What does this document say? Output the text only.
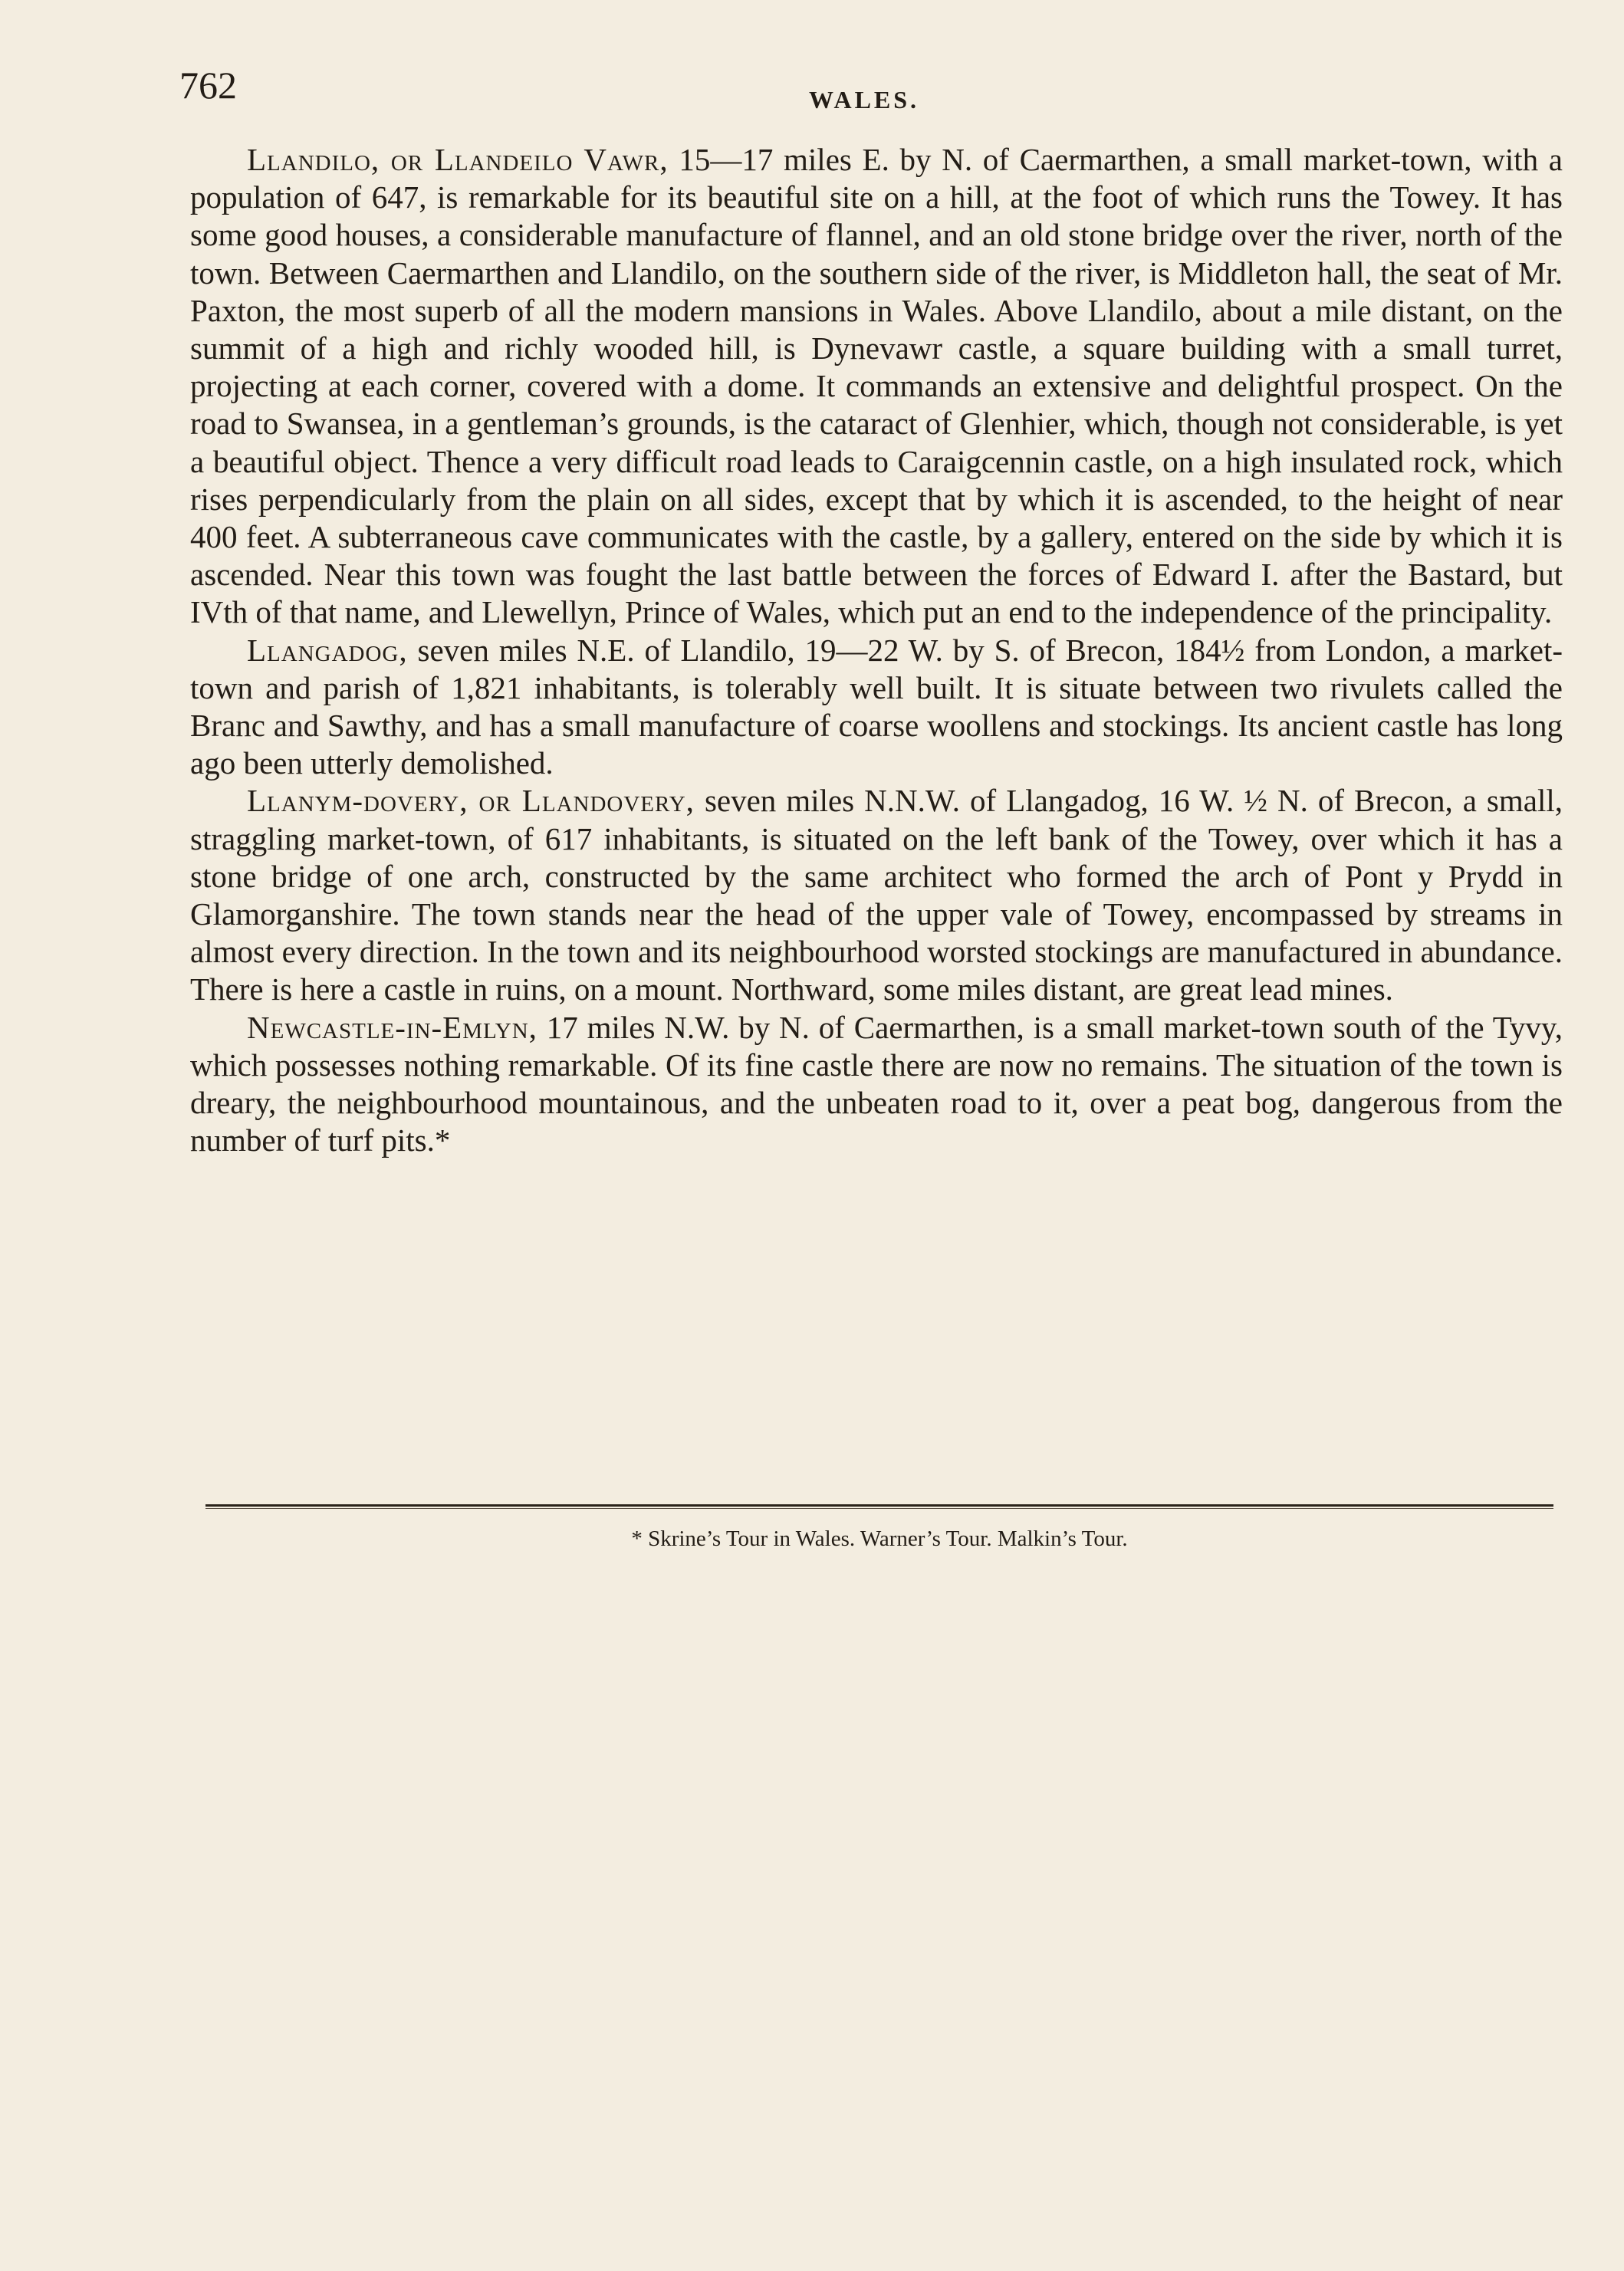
762	WALES.

Llandilo, or Llandeilo Vawr, 15—17 miles E. by N. of Caermarthen, a small market-town, with a population of 647, is remarkable for its beautiful site on a hill, at the foot of which runs the Towey. It has some good houses, a considerable manufacture of flannel, and an old stone bridge over the river, north of the town. Between Caermarthen and Llandilo, on the southern side of the river, is Middleton hall, the seat of Mr. Paxton, the most superb of all the modern mansions in Wales. Above Llandilo, about a mile distant, on the summit of a high and richly wooded hill, is Dynevawr castle, a square building with a small turret, projecting at each corner, covered with a dome. It commands an extensive and delightful prospect. On the road to Swansea, in a gentleman’s grounds, is the cataract of Glenhier, which, though not considerable, is yet a beautiful object. Thence a very difficult road leads to Caraigcennin castle, on a high insulated rock, which rises perpendicularly from the plain on all sides, except that by which it is ascended, to the height of near 400 feet. A subterraneous cave communicates with the castle, by a gallery, entered on the side by which it is ascended. Near this town was fought the last battle between the forces of Edward I. after the Bastard, but IVth of that name, and Llewellyn, Prince of Wales, which put an end to the independence of the principality.

Llangadog, seven miles N.E. of Llandilo, 19—22 W. by S. of Brecon, 184½ from London, a market-town and parish of 1,821 inhabitants, is tolerably well built. It is situate between two rivulets called the Branc and Sawthy, and has a small manufacture of coarse woollens and stockings. Its ancient castle has long ago been utterly demolished.

Llanym-dovery, or Llandovery, seven miles N.N.W. of Llangadog, 16 W. ½ N. of Brecon, a small, straggling market-town, of 617 inhabitants, is situated on the left bank of the Towey, over which it has a stone bridge of one arch, constructed by the same architect who formed the arch of Pont y Prydd in Glamorganshire. The town stands near the head of the upper vale of Towey, encompassed by streams in almost every direction. In the town and its neighbourhood worsted stockings are manufactured in abundance. There is here a castle in ruins, on a mount. Northward, some miles distant, are great lead mines.

Newcastle-in-Emlyn, 17 miles N.W. by N. of Caermarthen, is a small market-town south of the Tyvy, which possesses nothing remarkable. Of its fine castle there are now no remains. The situation of the town is dreary, the neighbourhood mountainous, and the unbeaten road to it, over a peat bog, dangerous from the number of turf pits.*

* Skrine’s Tour in Wales. Warner’s Tour. Malkin’s Tour.
